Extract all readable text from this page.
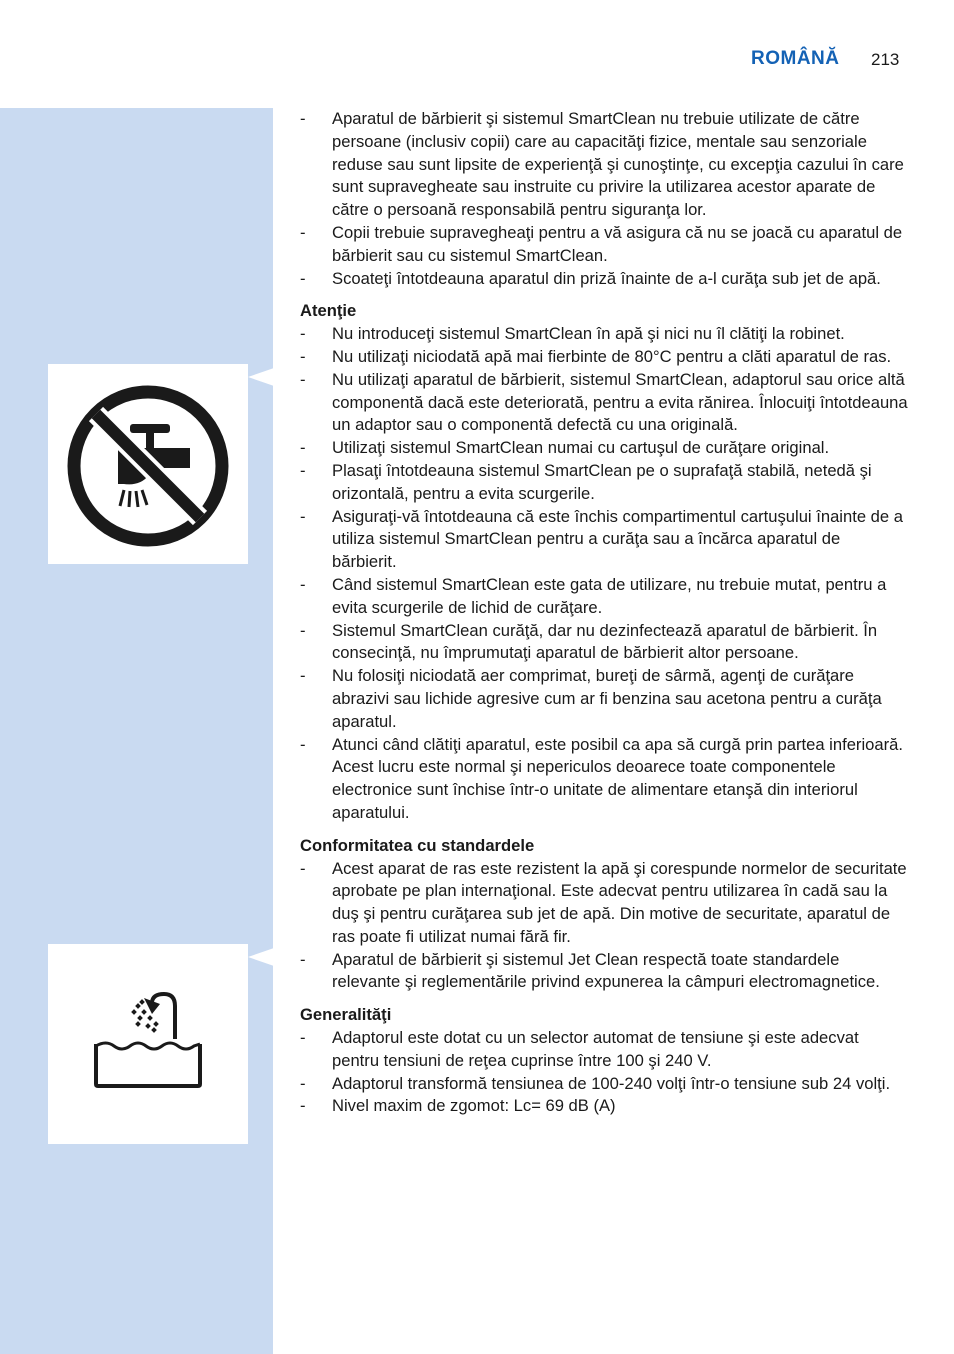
ROMÂNĂ 213
- Aparatul de bărbierit şi sistemul SmartClean nu trebuie utilizate de către persoane (inclusiv copii) care au capacităţi fizice, mentale sau senzoriale reduse sau sunt lipsite de experienţă şi cunoştinţe, cu excepţia cazului în care sunt supravegheate sau instruite cu privire la utilizarea acestor aparate de către o persoană responsabilă pentru siguranţa lor.
- Copii trebuie supravegheaţi pentru a vă asigura că nu se joacă cu aparatul de bărbierit sau cu sistemul SmartClean.
- Scoateţi întotdeauna aparatul din priză înainte de a-l curăţa sub jet de apă.
Atenţie
- Nu introduceţi sistemul SmartClean în apă şi nici nu îl clătiţi la robinet.
- Nu utilizaţi niciodată apă mai fierbinte de 80°C pentru a clăti aparatul de ras.
- Nu utilizaţi aparatul de bărbierit, sistemul SmartClean, adaptorul sau orice altă componentă dacă este deteriorată, pentru a evita rănirea. Înlocuiţi întotdeauna un adaptor sau o componentă defectă cu una originală.
- Utilizaţi sistemul SmartClean numai cu cartuşul de curăţare original.
- Plasaţi întotdeauna sistemul SmartClean pe o suprafaţă stabilă, netedă şi orizontală, pentru a evita scurgerile.
- Asiguraţi-vă întotdeauna că este închis compartimentul cartuşului înainte de a utiliza sistemul SmartClean pentru a curăţa sau a încărca aparatul de bărbierit.
- Când sistemul SmartClean este gata de utilizare, nu trebuie mutat, pentru a evita scurgerile de lichid de curăţare.
- Sistemul SmartClean curăţă, dar nu dezinfectează aparatul de bărbierit. În consecinţă, nu împrumutaţi aparatul de bărbierit altor persoane.
- Nu folosiţi niciodată aer comprimat, bureţi de sârmă, agenţi de curăţare abrazivi sau lichide agresive cum ar fi benzina sau acetona pentru a curăţa aparatul.
- Atunci când clătiţi aparatul, este posibil ca apa să curgă prin partea inferioară. Acest lucru este normal şi nepericulos deoarece toate componentele electronice sunt închise într-o unitate de alimentare etanşă din interiorul aparatului.
Conformitatea cu standardele
- Acest aparat de ras este rezistent la apă şi corespunde normelor de securitate aprobate pe plan internaţional. Este adecvat pentru utilizarea în cadă sau la duş şi pentru curăţarea sub jet de apă. Din motive de securitate, aparatul de ras poate fi utilizat numai fără fir.
- Aparatul de bărbierit şi sistemul Jet Clean respectă toate standardele relevante şi reglementările privind expunerea la câmpuri electromagnetice.
Generalităţi
- Adaptorul este dotat cu un selector automat de tensiune şi este adecvat pentru tensiuni de reţea cuprinse între 100 şi 240 V.
- Adaptorul transformă tensiunea de 100-240 volţi într-o tensiune sub 24 volţi.
- Nivel maxim de zgomot: Lc= 69 dB (A)
